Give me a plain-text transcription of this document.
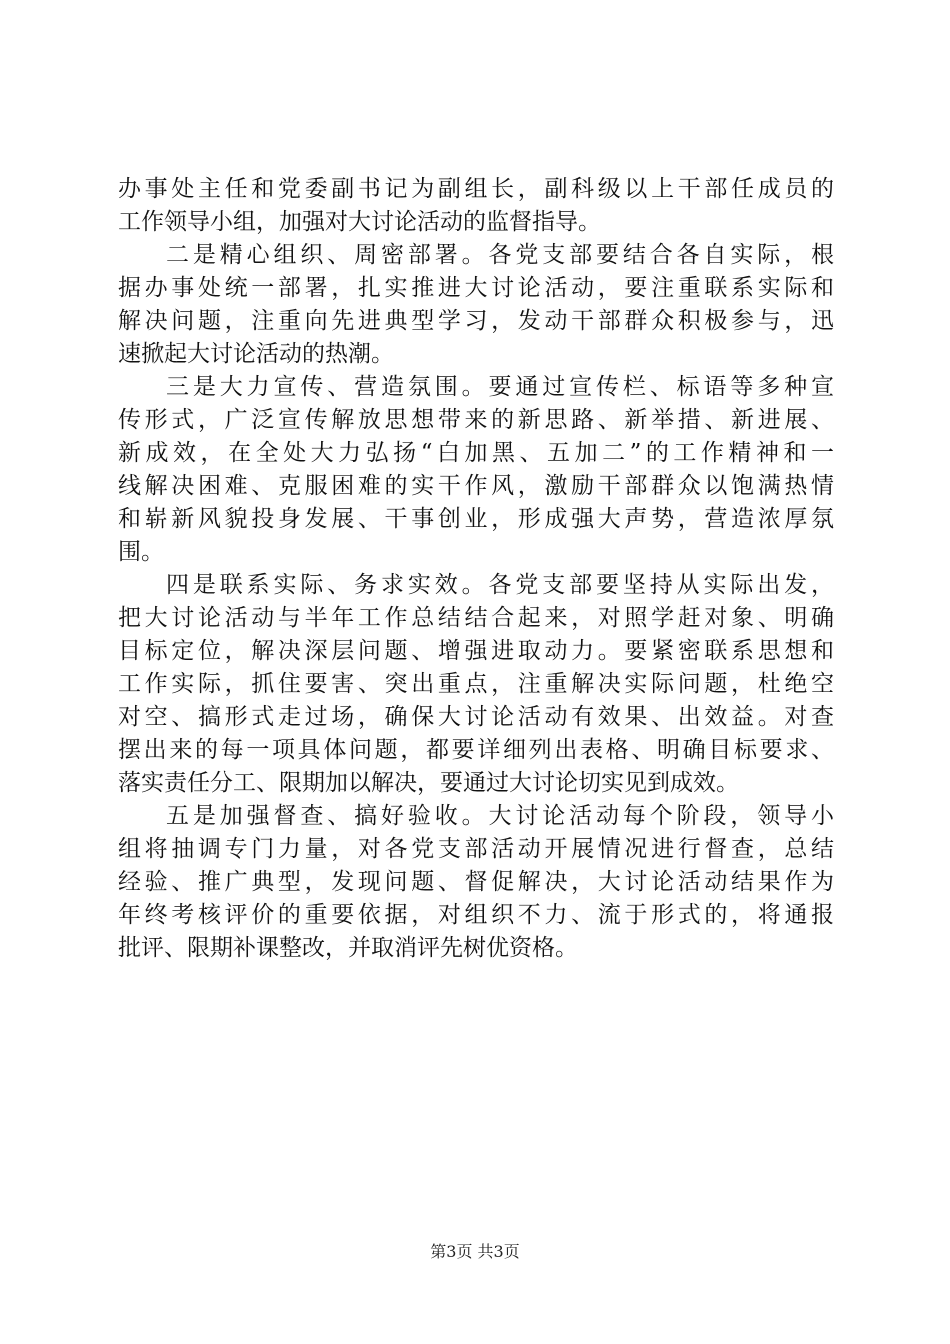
办事处主任和党委副书记为副组长，副科级以上干部任成员的
工作领导小组，加强对大讨论活动的监督指导。
二是精心组织、周密部署。各党支部要结合各自实际，根
据办事处统一部署，扎实推进大讨论活动，要注重联系实际和
解决问题，注重向先进典型学习，发动干部群众积极参与，迅
速掀起大讨论活动的热潮。
三是大力宣传、营造氛围。要通过宣传栏、标语等多种宣
传形式，广泛宣传解放思想带来的新思路、新举措、新进展、
新成效，在全处大力弘扬“白加黑、五加二”的工作精神和一
线解决困难、克服困难的实干作风，激励干部群众以饱满热情
和崭新风貌投身发展、干事创业，形成强大声势，营造浓厚氛
围。
四是联系实际、务求实效。各党支部要坚持从实际出发，
把大讨论活动与半年工作总结结合起来，对照学赶对象、明确
目标定位，解决深层问题、增强进取动力。要紧密联系思想和
工作实际，抓住要害、突出重点，注重解决实际问题，杜绝空
对空、搞形式走过场，确保大讨论活动有效果、出效益。对查
摆出来的每一项具体问题，都要详细列出表格、明确目标要求、
落实责任分工、限期加以解决，要通过大讨论切实见到成效。
五是加强督查、搞好验收。大讨论活动每个阶段，领导小
组将抽调专门力量，对各党支部活动开展情况进行督查，总结
经验、推广典型，发现问题、督促解决，大讨论活动结果作为
年终考核评价的重要依据，对组织不力、流于形式的，将通报
批评、限期补课整改，并取消评先树优资格。
第3页 共3页
